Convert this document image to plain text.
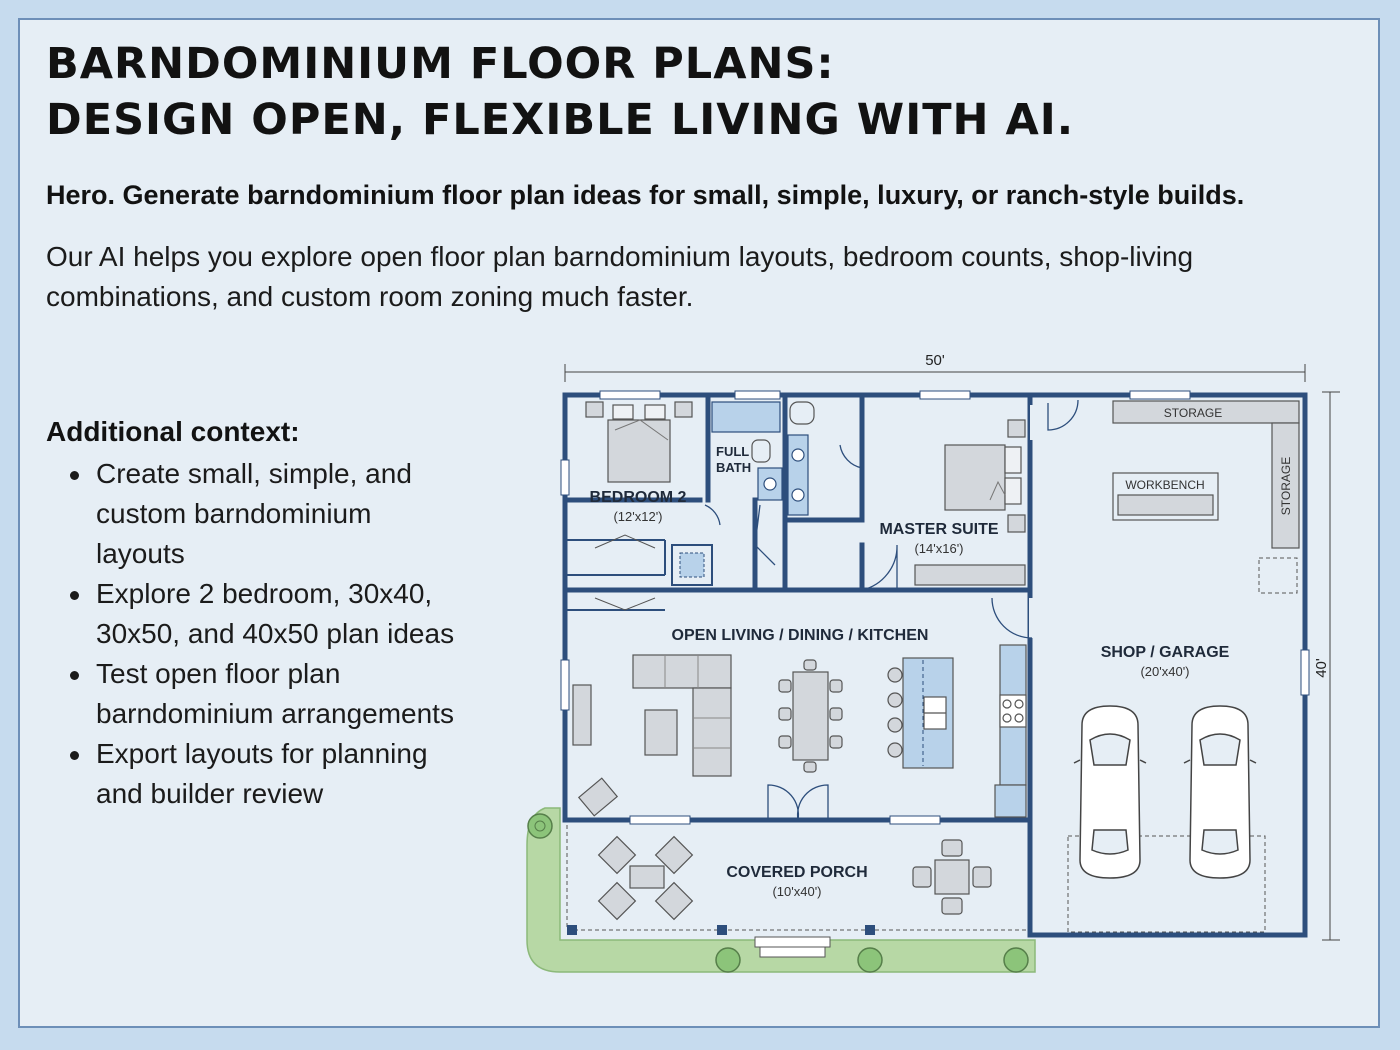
BARNDOMINIUM FLOOR PLANS:
DESIGN OPEN, FLEXIBLE LIVING WITH AI.

Hero. Generate barndominium floor plan ideas for small, simple, luxury, or ranch-style builds.

Our AI helps you explore open floor plan barndominium layouts, bedroom counts, shop-living combinations, and custom room zoning much faster.

Additional context:
Create small, simple, and custom barndominium layouts
Explore 2 bedroom, 30x40, 30x50, and 40x50 plan ideas
Test open floor plan barndominium arrangements
Export layouts for planning and builder review
50'
40'
BEDROOM 2
(12'x12')
FULL
BATH
MASTER SUITE
(14'x16')
OPEN LIVING / DINING / KITCHEN
SHOP / GARAGE
(20'x40')
COVERED PORCH
(10'x40')
STORAGE
STORAGE
WORKBENCH
